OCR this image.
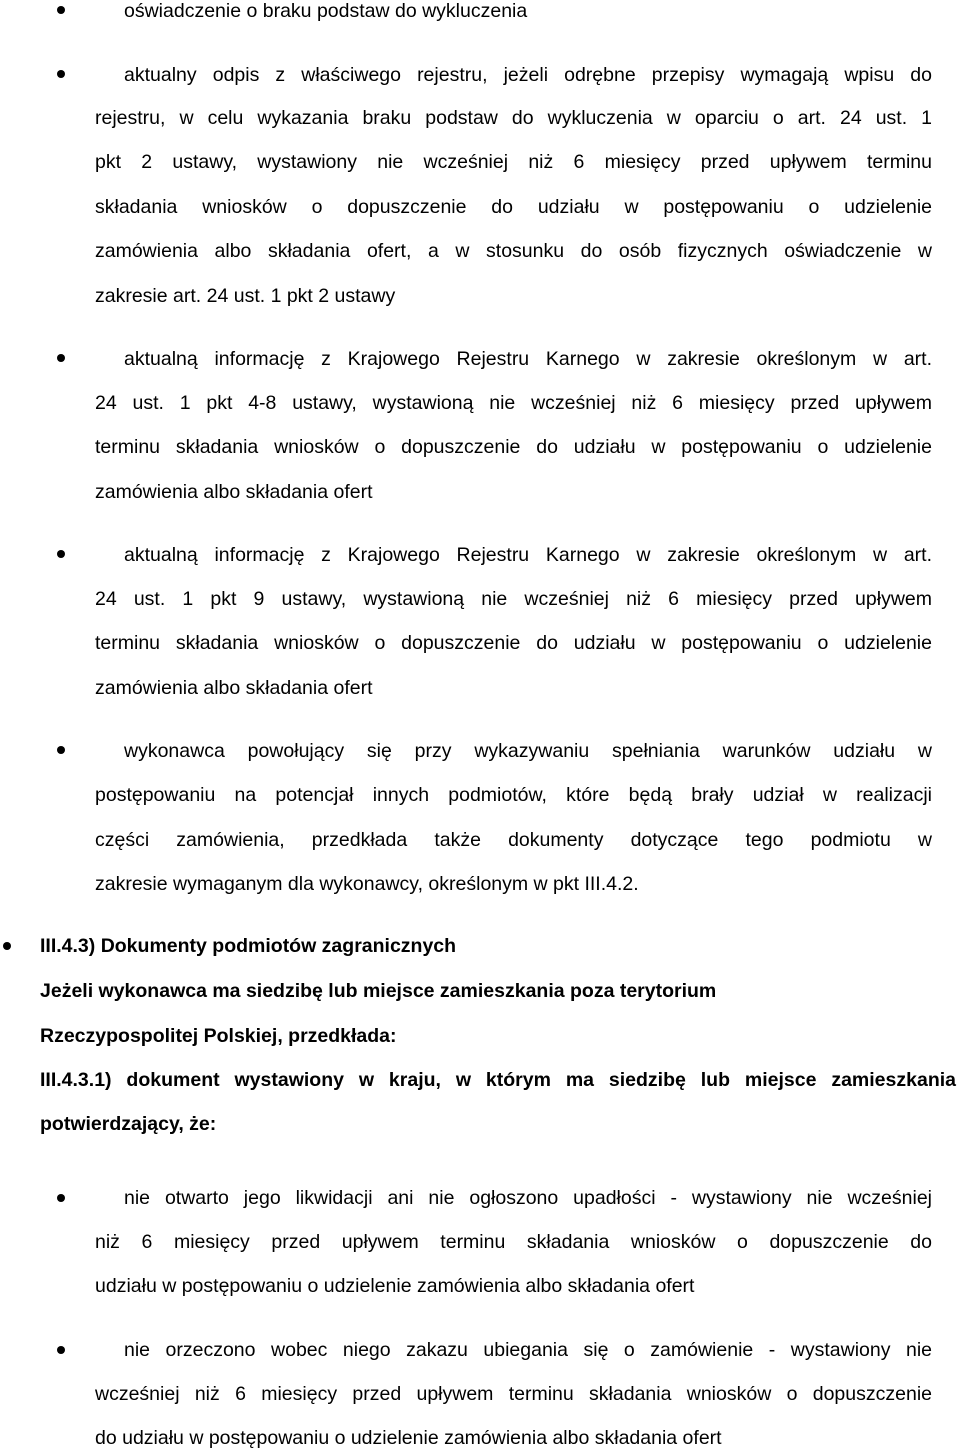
oświadczenie o braku podstaw do wykluczenia

aktualny odpis z właściwego rejestru, jeżeli odrębne przepisy wymagają wpisu do

rejestru, w celu wykazania braku podstaw do wykluczenia w oparciu o art. 24 ust. 1

pkt 2 ustawy, wystawiony nie wcześniej niż 6 miesięcy przed upływem terminu

składania wniosków o dopuszczenie do udziału w postępowaniu o udzielenie

zamówienia albo składania ofert, a w stosunku do osób fizycznych oświadczenie w

zakresie art. 24 ust. 1 pkt 2 ustawy

aktualną informację z Krajowego Rejestru Karnego w zakresie określonym w art.

24 ust. 1 pkt 4-8 ustawy, wystawioną nie wcześniej niż 6 miesięcy przed upływem

terminu składania wniosków o dopuszczenie do udziału w postępowaniu o udzielenie

zamówienia albo składania ofert

aktualną informację z Krajowego Rejestru Karnego w zakresie określonym w art.

24 ust. 1 pkt 9 ustawy, wystawioną nie wcześniej niż 6 miesięcy przed upływem

terminu składania wniosków o dopuszczenie do udziału w postępowaniu o udzielenie

zamówienia albo składania ofert

wykonawca powołujący się przy wykazywaniu spełniania warunków udziału w

postępowaniu na potencjał innych podmiotów, które będą brały udział w realizacji

części zamówienia, przedkłada także dokumenty dotyczące tego podmiotu w

zakresie wymaganym dla wykonawcy, określonym w pkt III.4.2.

III.4.3) Dokumenty podmiotów zagranicznych

Jeżeli wykonawca ma siedzibę lub miejsce zamieszkania poza terytorium

Rzeczypospolitej Polskiej, przedkłada:

III.4.3.1) dokument wystawiony w kraju, w którym ma siedzibę lub miejsce zamieszkania

potwierdzający, że:

nie otwarto jego likwidacji ani nie ogłoszono upadłości - wystawiony nie wcześniej

niż 6 miesięcy przed upływem terminu składania wniosków o dopuszczenie do

udziału w postępowaniu o udzielenie zamówienia albo składania ofert

nie orzeczono wobec niego zakazu ubiegania się o zamówienie - wystawiony nie

wcześniej niż 6 miesięcy przed upływem terminu składania wniosków o dopuszczenie

do udziału w postępowaniu o udzielenie zamówienia albo składania ofert
